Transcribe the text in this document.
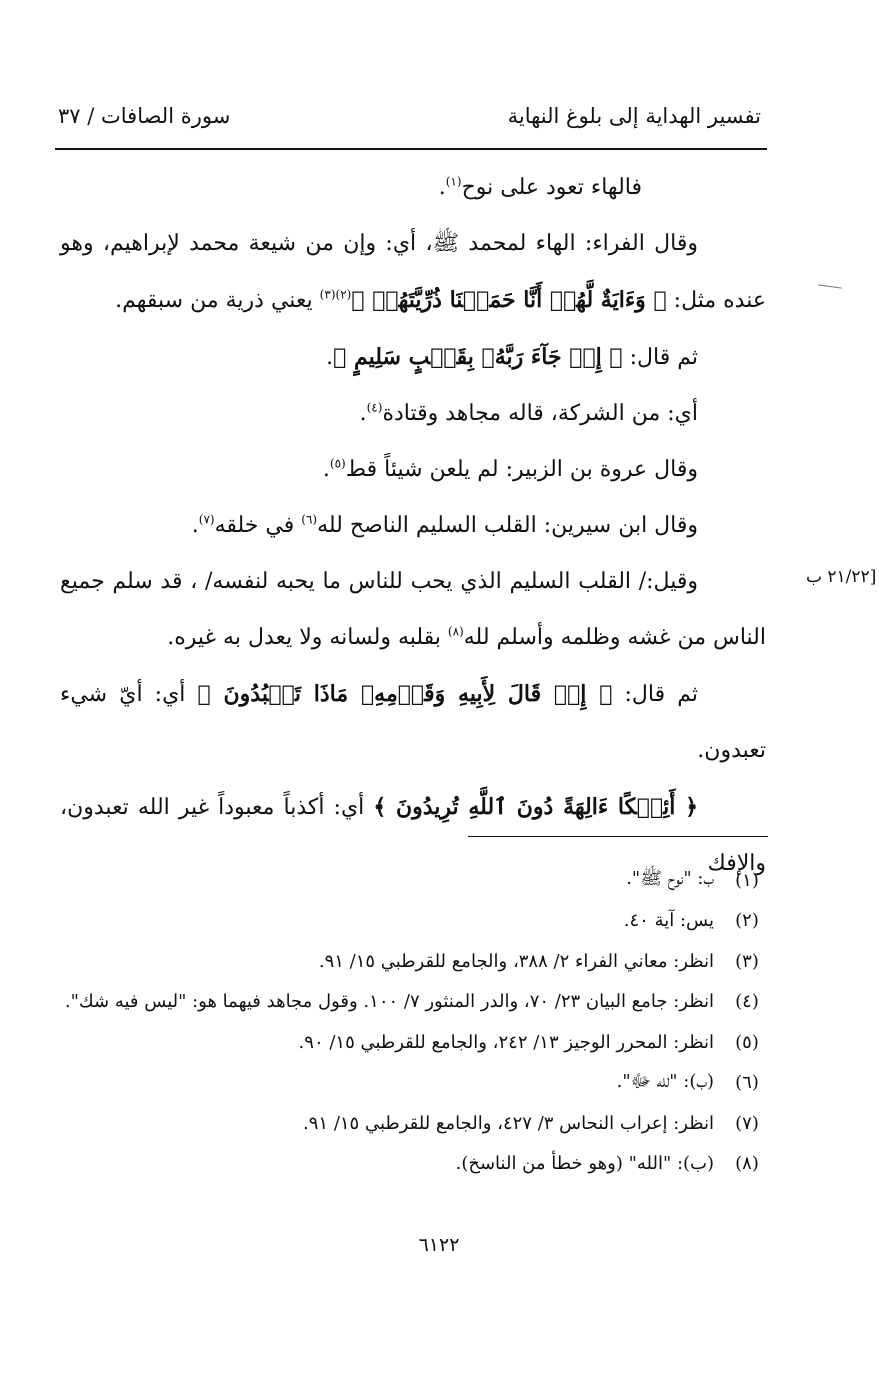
تفسير الهداية إلى بلوغ النهاية
سورة الصافات / ٣٧
[٢١/٢٢ ب

فالهاء تعود على نوح$^{(١)}$.

وقال الفراء: الهاء لمحمد ﷺ، أي: وإن من شيعة محمد لإبراهيم، وهو عنده مثل: ﴿ وَءَايَةٌ لَّهُمۡ أَنَّا حَمَلۡنَا ذُرِّيَّتَهُمۡ ﴾$^{(٢)(٣)}$ يعني ذرية من سبقهم.

ثم قال: ﴿ إِذۡ جَآءَ رَبَّهُۥ بِقَلۡبٍ سَلِيمٍ ﴾.

أي: من الشركة، قاله مجاهد وقتادة$^{(٤)}$.

وقال عروة بن الزبير: لم يلعن شيئاً قط$^{(٥)}$.

وقال ابن سيرين: القلب السليم الناصح لله$^{(٦)}$ في خلقه$^{(٧)}$.

وقيل:/ القلب السليم الذي يحب للناس ما يحبه لنفسه/ ، قد سلم جميع الناس من غشه وظلمه وأسلم لله$^{(٨)}$ بقلبه ولسانه ولا يعدل به غيره.

ثم قال: ﴿ إِذۡ قَالَ لِأَبِيهِ وَقَوۡمِهِۦ مَاذَا تَعۡبُدُونَ ﴾ أي: أيّ شيء تعبدون.

﴿ أَئِفۡكًا ءَالِهَةً دُونَ ٱللَّهِ تُرِيدُونَ ﴾ أي: أكذباً معبوداً غير الله تعبدون، والإفك

(١)
ب: "نوح ﷺ".
(٢)
يس: آية ٤٠.
(٣)
انظر: معاني الفراء ٢/ ٣٨٨، والجامع للقرطبي ١٥/ ٩١.
(٤)
انظر: جامع البيان ٢٣/ ٧٠، والدر المنثور ٧/ ١٠٠. وقول مجاهد فيهما هو: "ليس فيه شك".
(٥)
انظر: المحرر الوجيز ١٣/ ٢٤٢، والجامع للقرطبي ١٥/ ٩٠.
(٦)
(ب): "لله ﷻ".
(٧)
انظر: إعراب النحاس ٣/ ٤٢٧، والجامع للقرطبي ١٥/ ٩١.
(٨)
(ب): "الله" (وهو خطأ من الناسخ).
٦١٢٢
